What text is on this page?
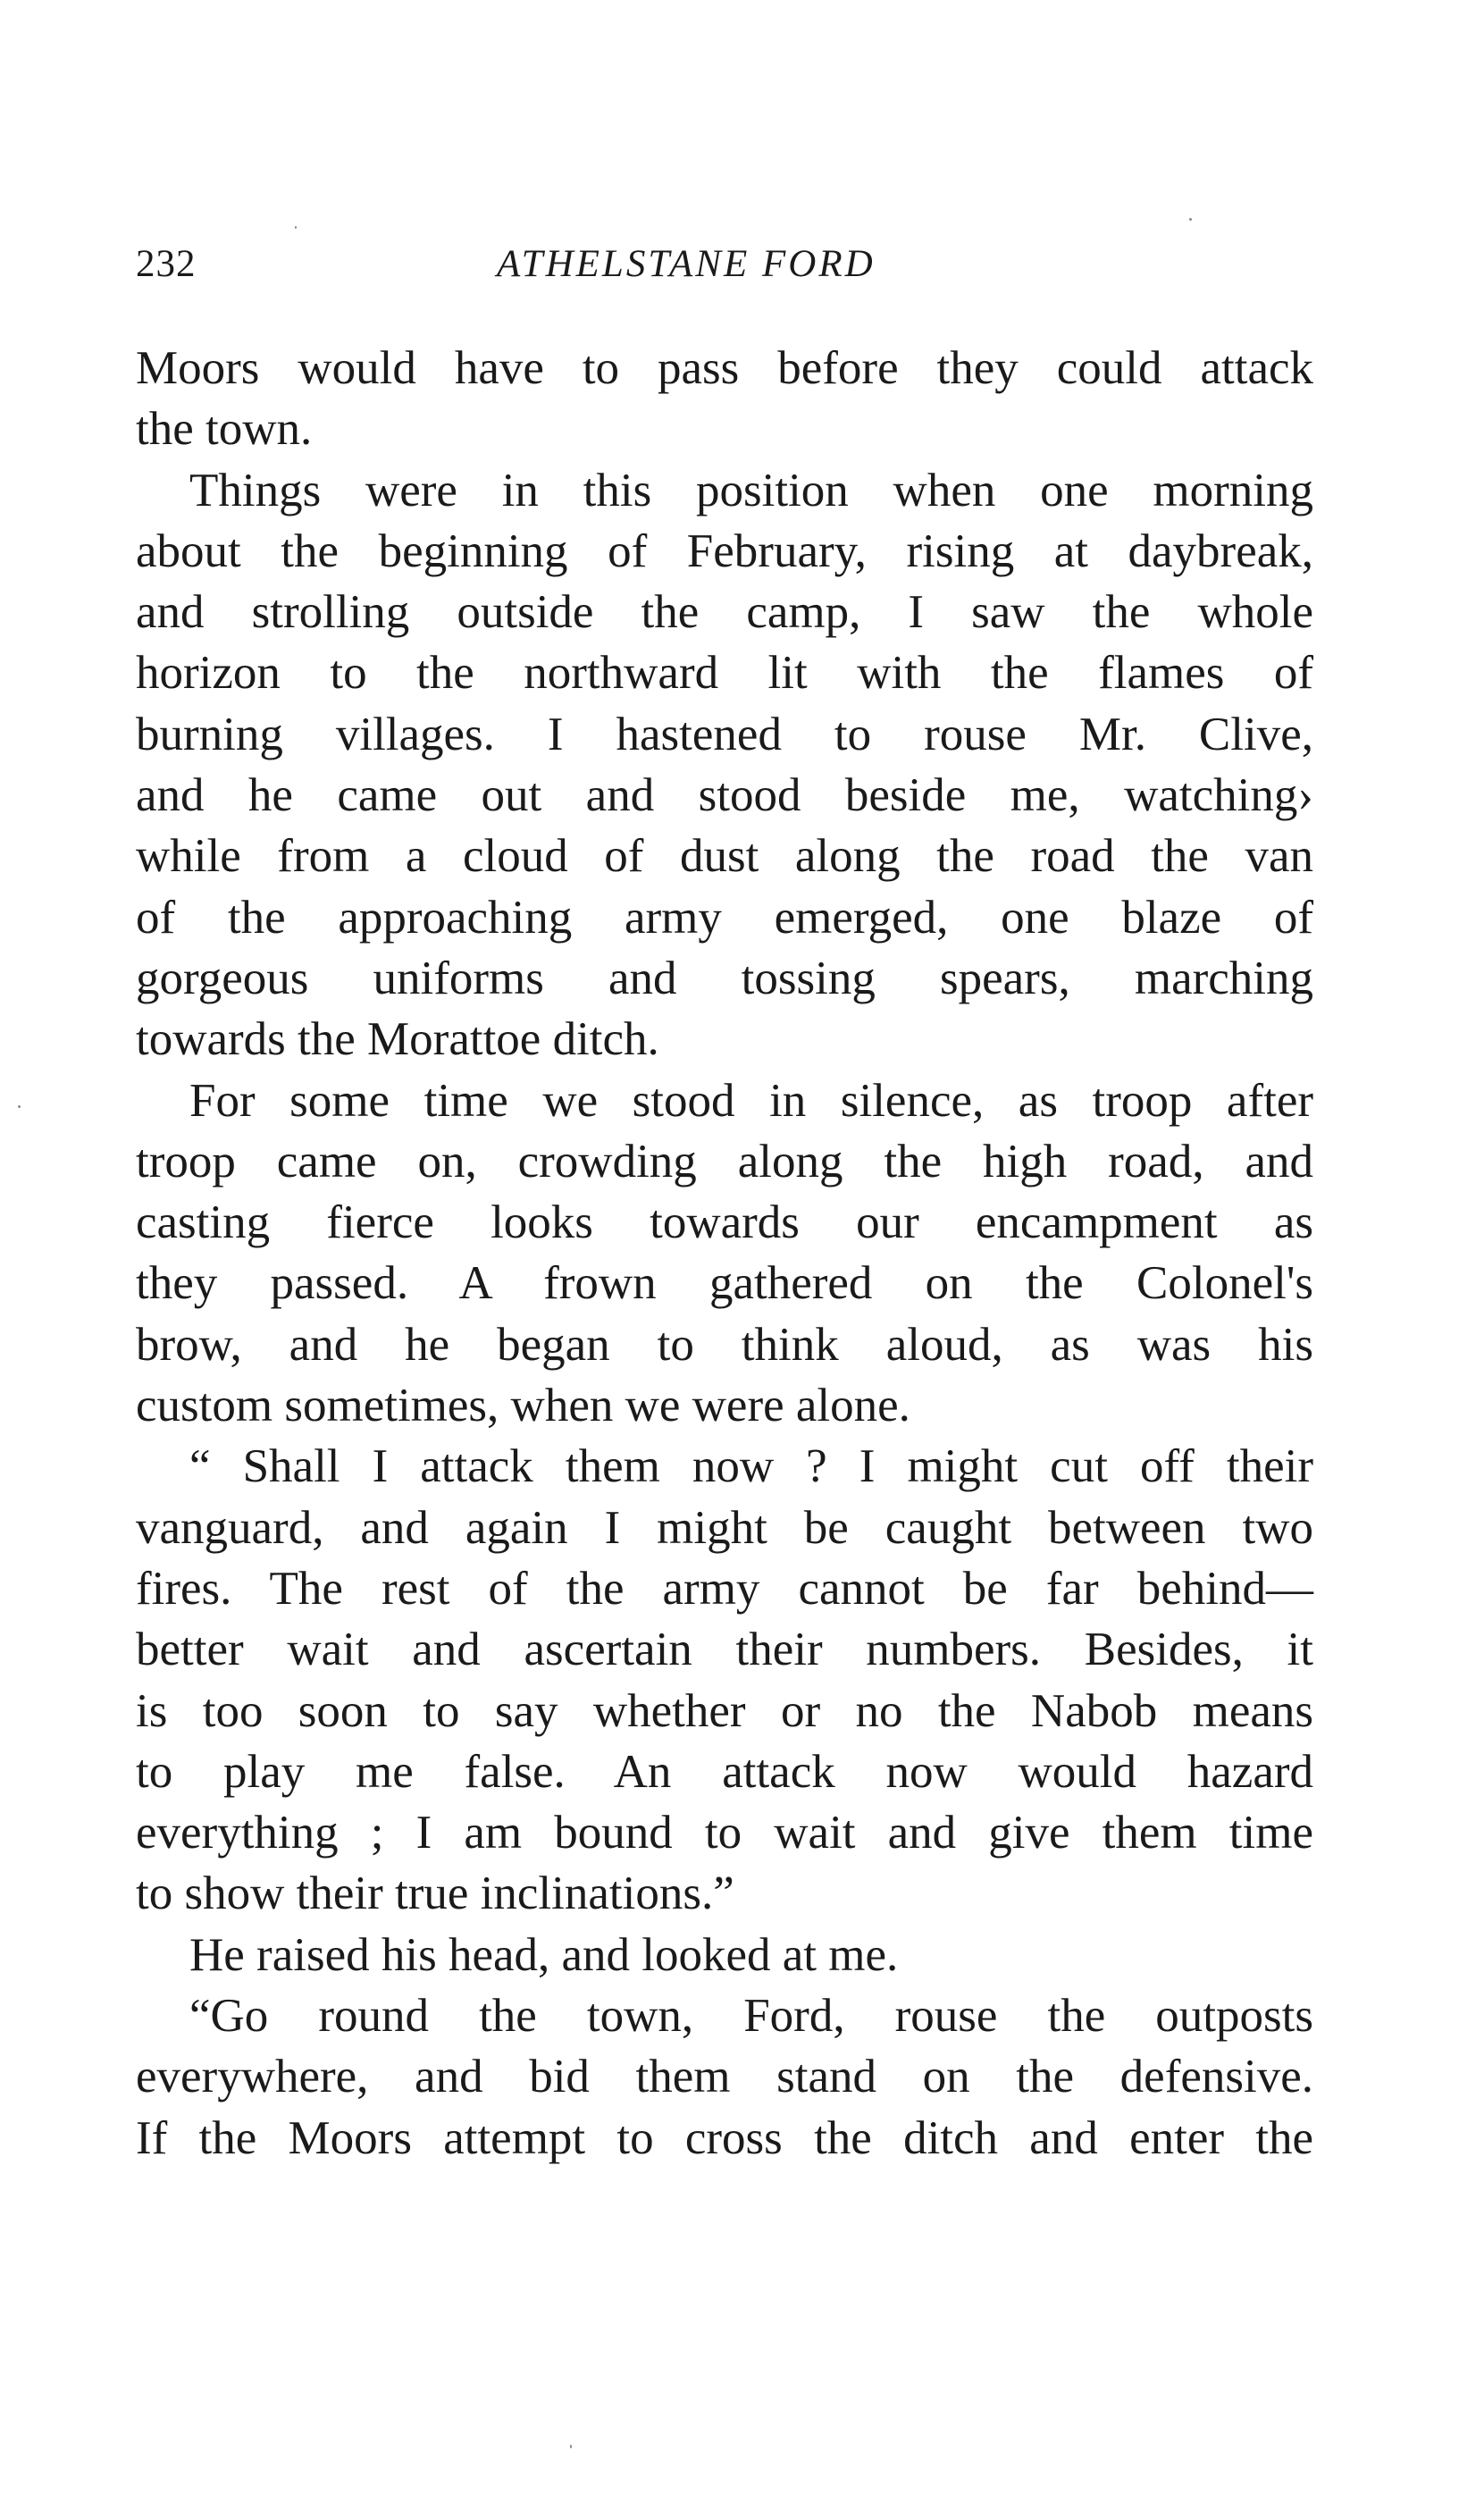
232	ATHELSTANE FORD
Moors would have to pass before they could attack
the town.
Things were in this position when one morning
about the beginning of February, rising at daybreak,
and strolling outside the camp, I saw the whole
horizon to the northward lit with the flames of
burning villages. I hastened to rouse Mr. Clive,
and he came out and stood beside me, watching›
while from a cloud of dust along the road the van
of the approaching army emerged, one blaze of
gorgeous uniforms and tossing spears, marching
towards the Morattoe ditch.
For some time we stood in silence, as troop after
troop came on, crowding along the high road, and
casting fierce looks towards our encampment as
they passed. A frown gathered on the Colonel's
brow, and he began to think aloud, as was his
custom sometimes, when we were alone.
“ Shall I attack them now ? I might cut off their
vanguard, and again I might be caught between two
fires. The rest of the army cannot be far behind—
better wait and ascertain their numbers. Besides, it
is too soon to say whether or no the Nabob means
to play me false. An attack now would hazard
everything ; I am bound to wait and give them time
to show their true inclinations.”
He raised his head, and looked at me.
“Go round the town, Ford, rouse the outposts
everywhere, and bid them stand on the defensive.
If the Moors attempt to cross the ditch and enter the
